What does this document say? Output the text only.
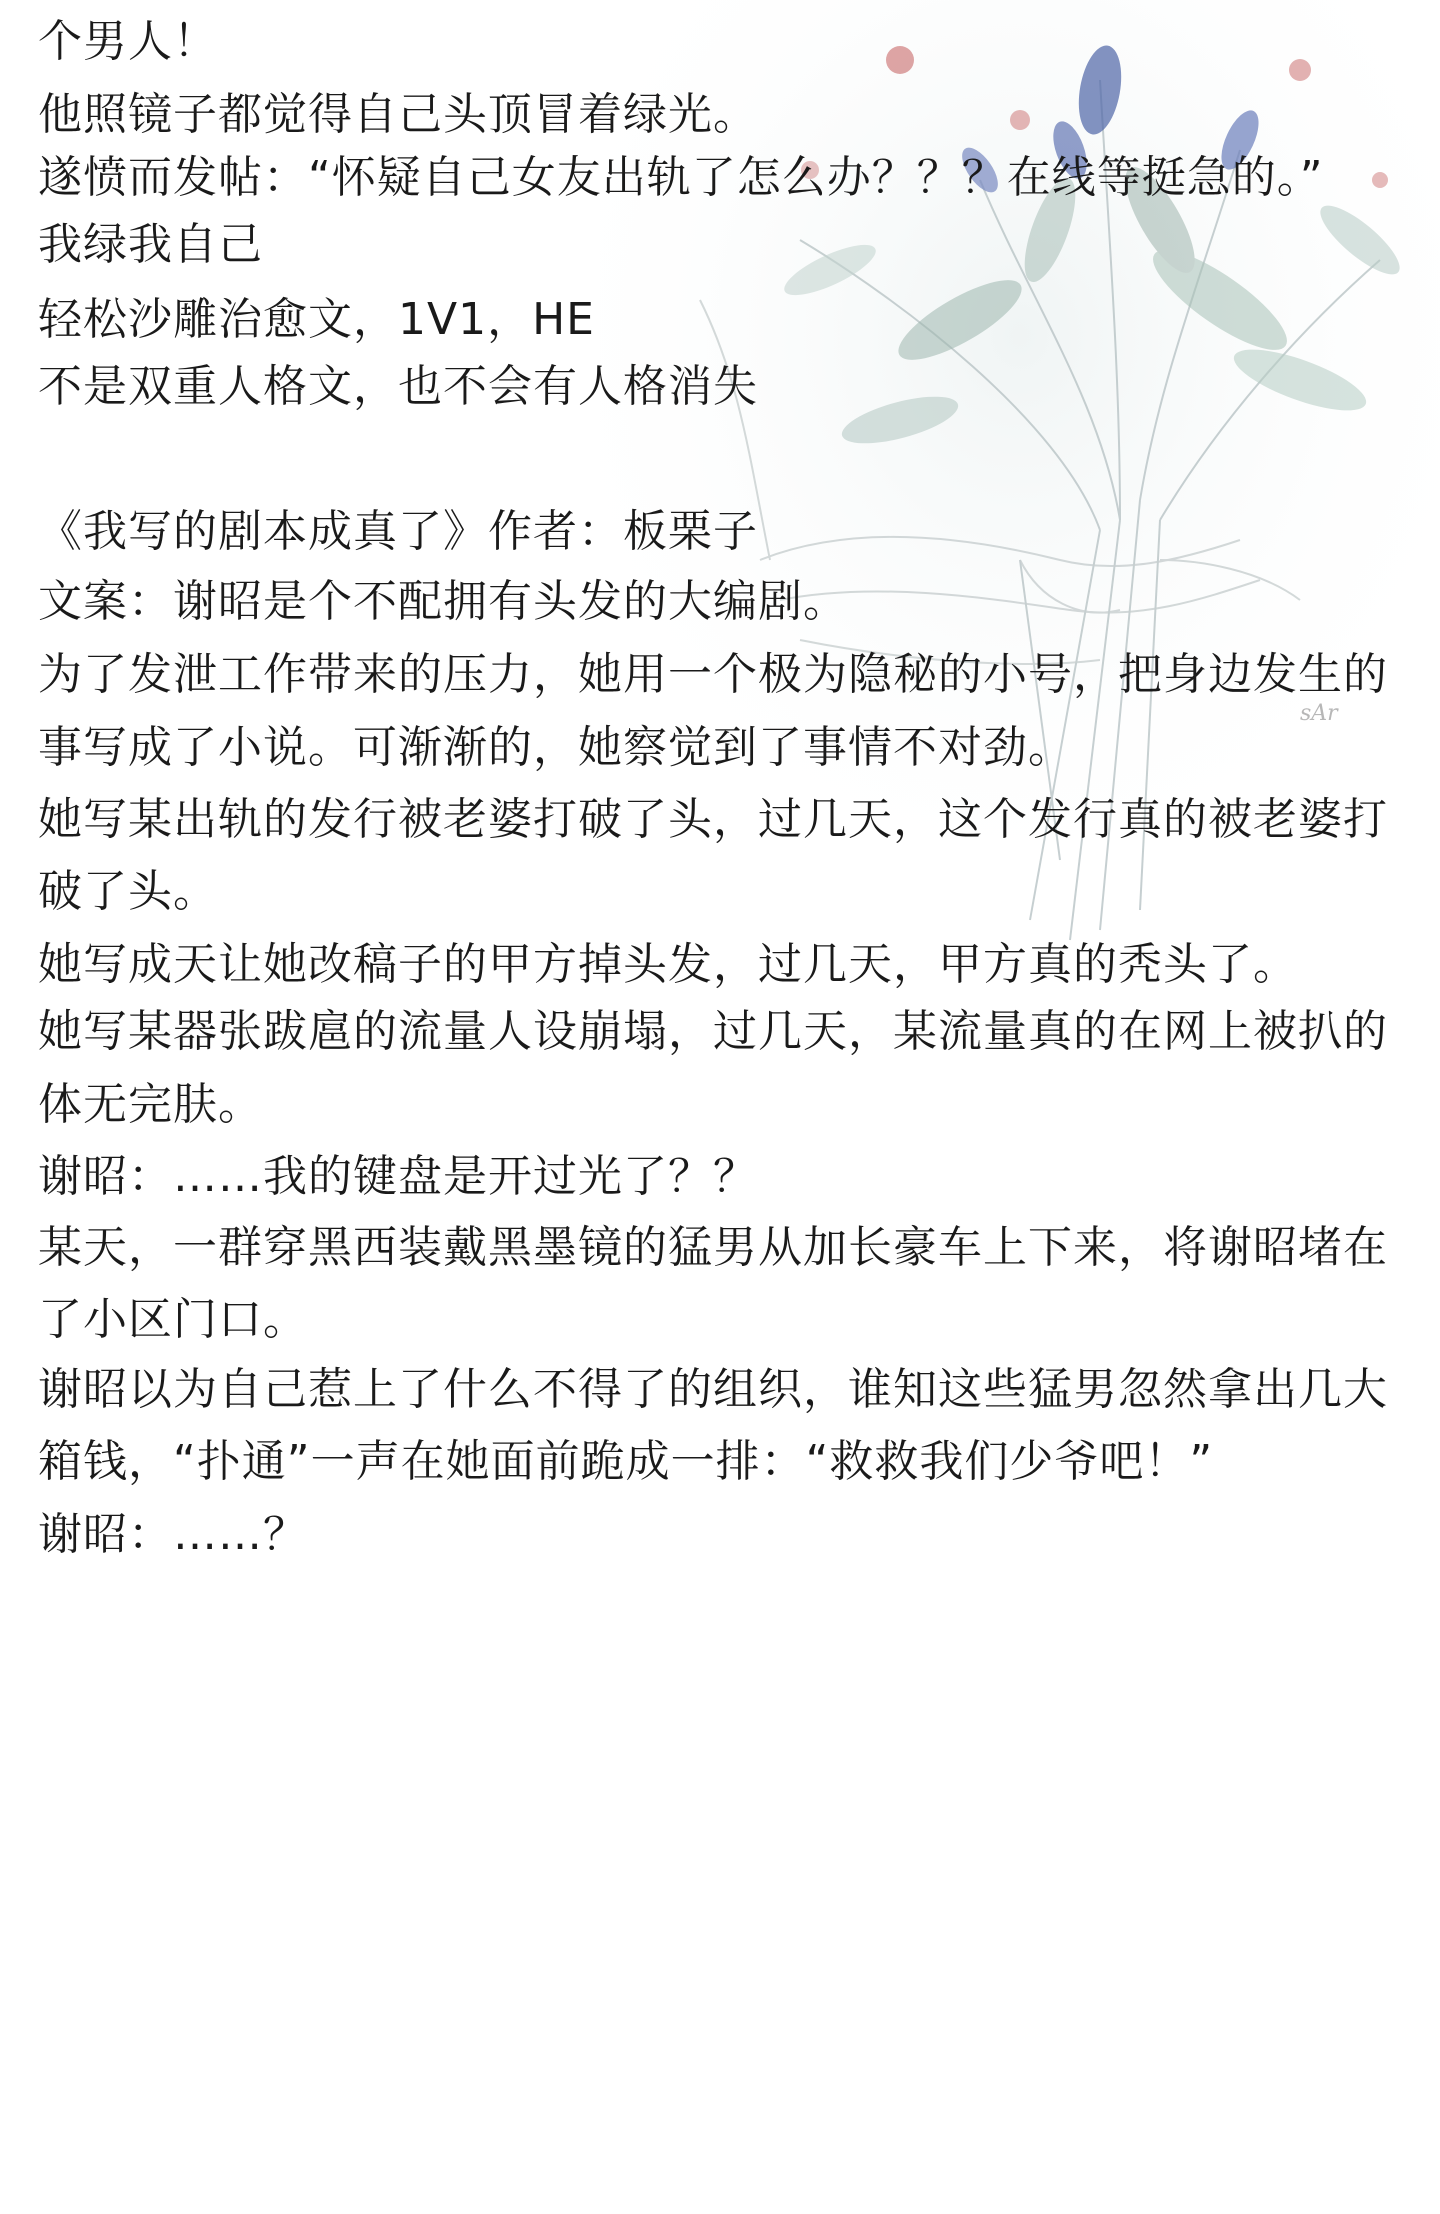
sAr
个男人！
他照镜子都觉得自己头顶冒着绿光。
遂愤而发帖：“怀疑自己女友出轨了怎么办？？？在线等挺急的。”
我绿我自己
轻松沙雕治愈文，1V1，HE
不是双重人格文，也不会有人格消失
《我写的剧本成真了》作者：板栗子
文案：谢昭是个不配拥有头发的大编剧。
为了发泄工作带来的压力，她用一个极为隐秘的小号，把身边发生的
事写成了小说。可渐渐的，她察觉到了事情不对劲。
她写某出轨的发行被老婆打破了头，过几天，这个发行真的被老婆打
破了头。
她写成天让她改稿子的甲方掉头发，过几天，甲方真的秃头了。
她写某器张跋扈的流量人设崩塌，过几天，某流量真的在网上被扒的
体无完肤。
谢昭：……我的键盘是开过光了？？
某天，一群穿黑西装戴黑墨镜的猛男从加长豪车上下来，将谢昭堵在
了小区门口。
谢昭以为自己惹上了什么不得了的组织，谁知这些猛男忽然拿出几大
箱钱，“扑通”一声在她面前跪成一排：“救救我们少爷吧！”
谢昭：……？
